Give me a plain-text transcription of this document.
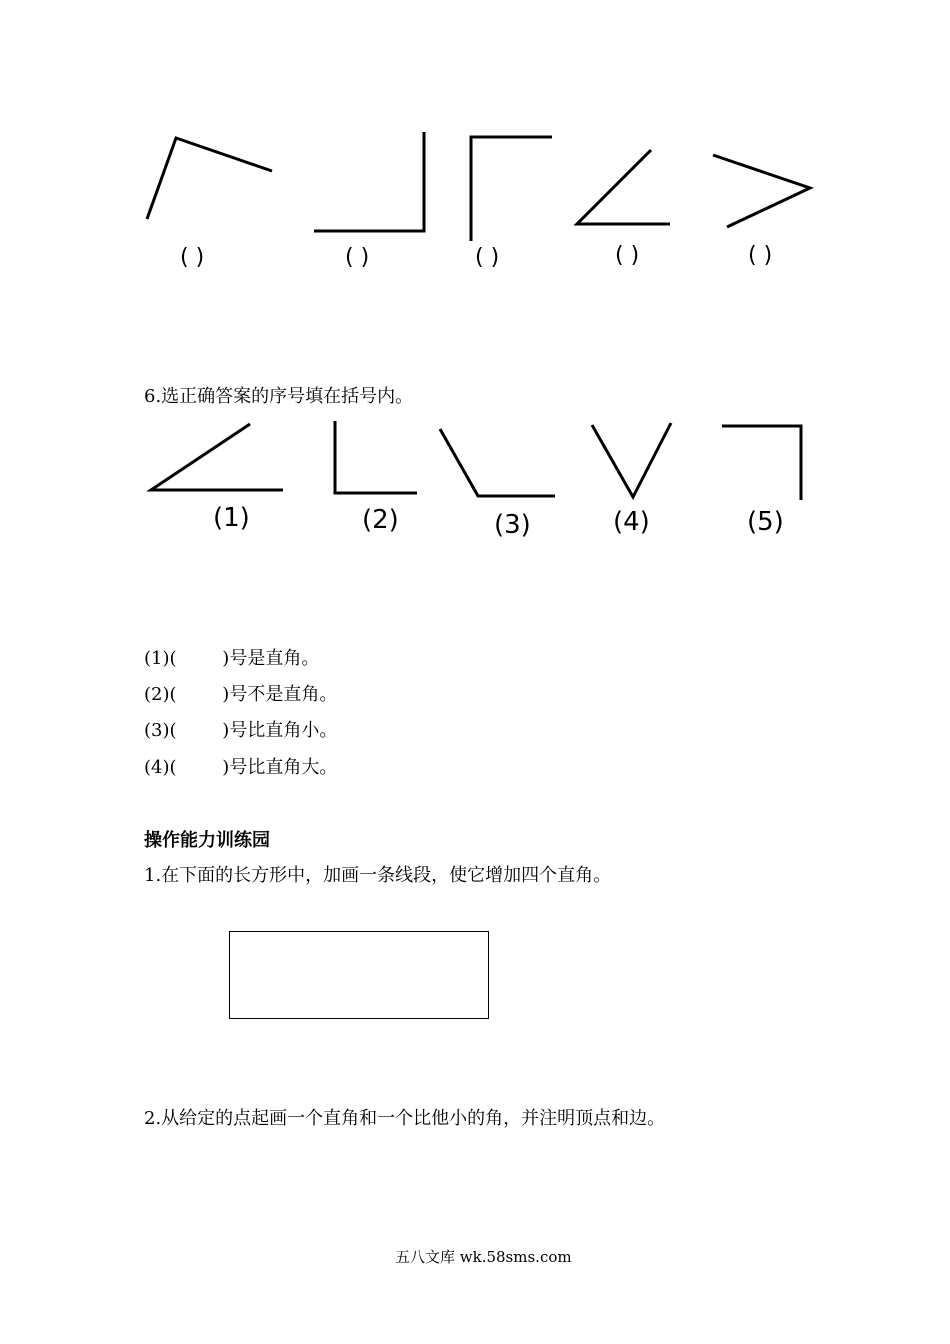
( )	( )	( )	( )	( )
6.选正确答案的序号填在括号内。
(1)	(2)	(3)	(4)	(5)
(1)(        )号是直角。
(2)(        )号不是直角。
(3)(        )号比直角小。
(4)(        )号比直角大。
操作能力训练园
1.在下面的长方形中，加画一条线段，使它增加四个直角。
2.从给定的点起画一个直角和一个比他小的角，并注明顶点和边。
五八文库 wk.58sms.com
